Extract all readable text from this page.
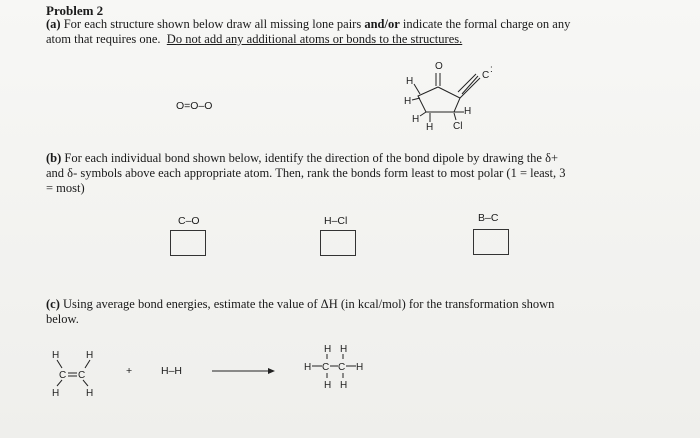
Problem 2
(a) For each structure shown below draw all missing lone pairs and/or indicate the formal charge on any
atom that requires one. Do not add any additional atoms or bonds to the structures.
O=O–O
O
C
:
H
H
H
H
H
Cl
(b) For each individual bond shown below, identify the direction of the bond dipole by drawing the δ+
and δ- symbols above each appropriate atom. Then, rank the bonds form least to most polar (1 = least, 3
= most)
C–O	H–Cl	B–C
(c) Using average bond energies, estimate the value of ΔH (in kcal/mol) for the transformation shown
below.
H	H
C C
H	H
+	H–H
H H
H C C H
H H
